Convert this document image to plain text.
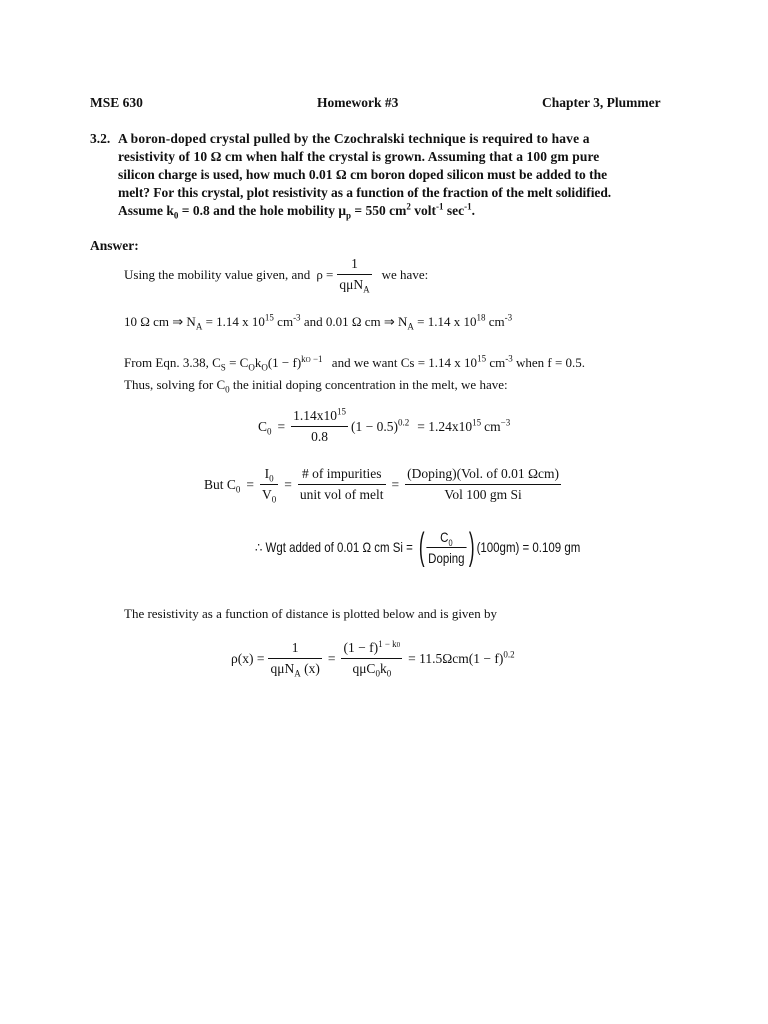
MSE 630	Homework #3	Chapter 3, Plummer
3.2. A boron-doped crystal pulled by the Czochralski technique is required to have a
resistivity of 10 Ω cm when half the crystal is grown. Assuming that a 100 gm pure
silicon charge is used, how much 0.01 Ω cm boron doped silicon must be added to the
melt? For this crystal, plot resistivity as a function of the fraction of the melt solidified.
Assume $k_0 = 0.8$ and the hole mobility $\mu_p = 550$ $cm^2$ volt$^{-1}$ $\sec^{-1}$.
Answer:
Using the mobility value given, and $\rho = \frac{1}{q\mu N_A}$ we have:
10 Ω cm ⇒ $N_A = 1.14$ x $10^{15}$ $cm^{-3}$ and 0.01 Ω cm ⇒ $N_A = 1.14$ x $10^{18}$ $cm^{-3}$
From Eqn. 3.38, $C_S = C_Ok_O(1 - f)^{kO -1}$ and we want Cs = 1.14 x $10^{15}$ $cm^{-3}$ when f = 0.5.
Thus, solving for $C_0$ the initial doping concentration in the melt, we have:
$C_0 = \frac{1.14x10^{15}}{0.8} (1 - 0.5)^{0.2} = 1.24x10^{15}$ $cm^{-3}$
But $C_0 = \frac{I_0}{V_0} = \frac{\text{\# of impurities}}{\text{unit vol of melt}} = \frac{\text{(Doping)(Vol. of 0.01 Ωcm)}}{\text{Vol 100 gm Si}}$
∴ Wgt added of 0.01 Ω cm Si = ( $\frac{C_0}{\text{Doping}}$ ) (100gm) = 0.109 gm
The resistivity as a function of distance is plotted below and is given by
$\rho(x) = \frac{1}{q\mu N_A (x)} = \frac{(1 - f)^{1 - k0}}{q\mu C_0k_0} = 11.5\Omega cm(1 - f)^{0.2}$
